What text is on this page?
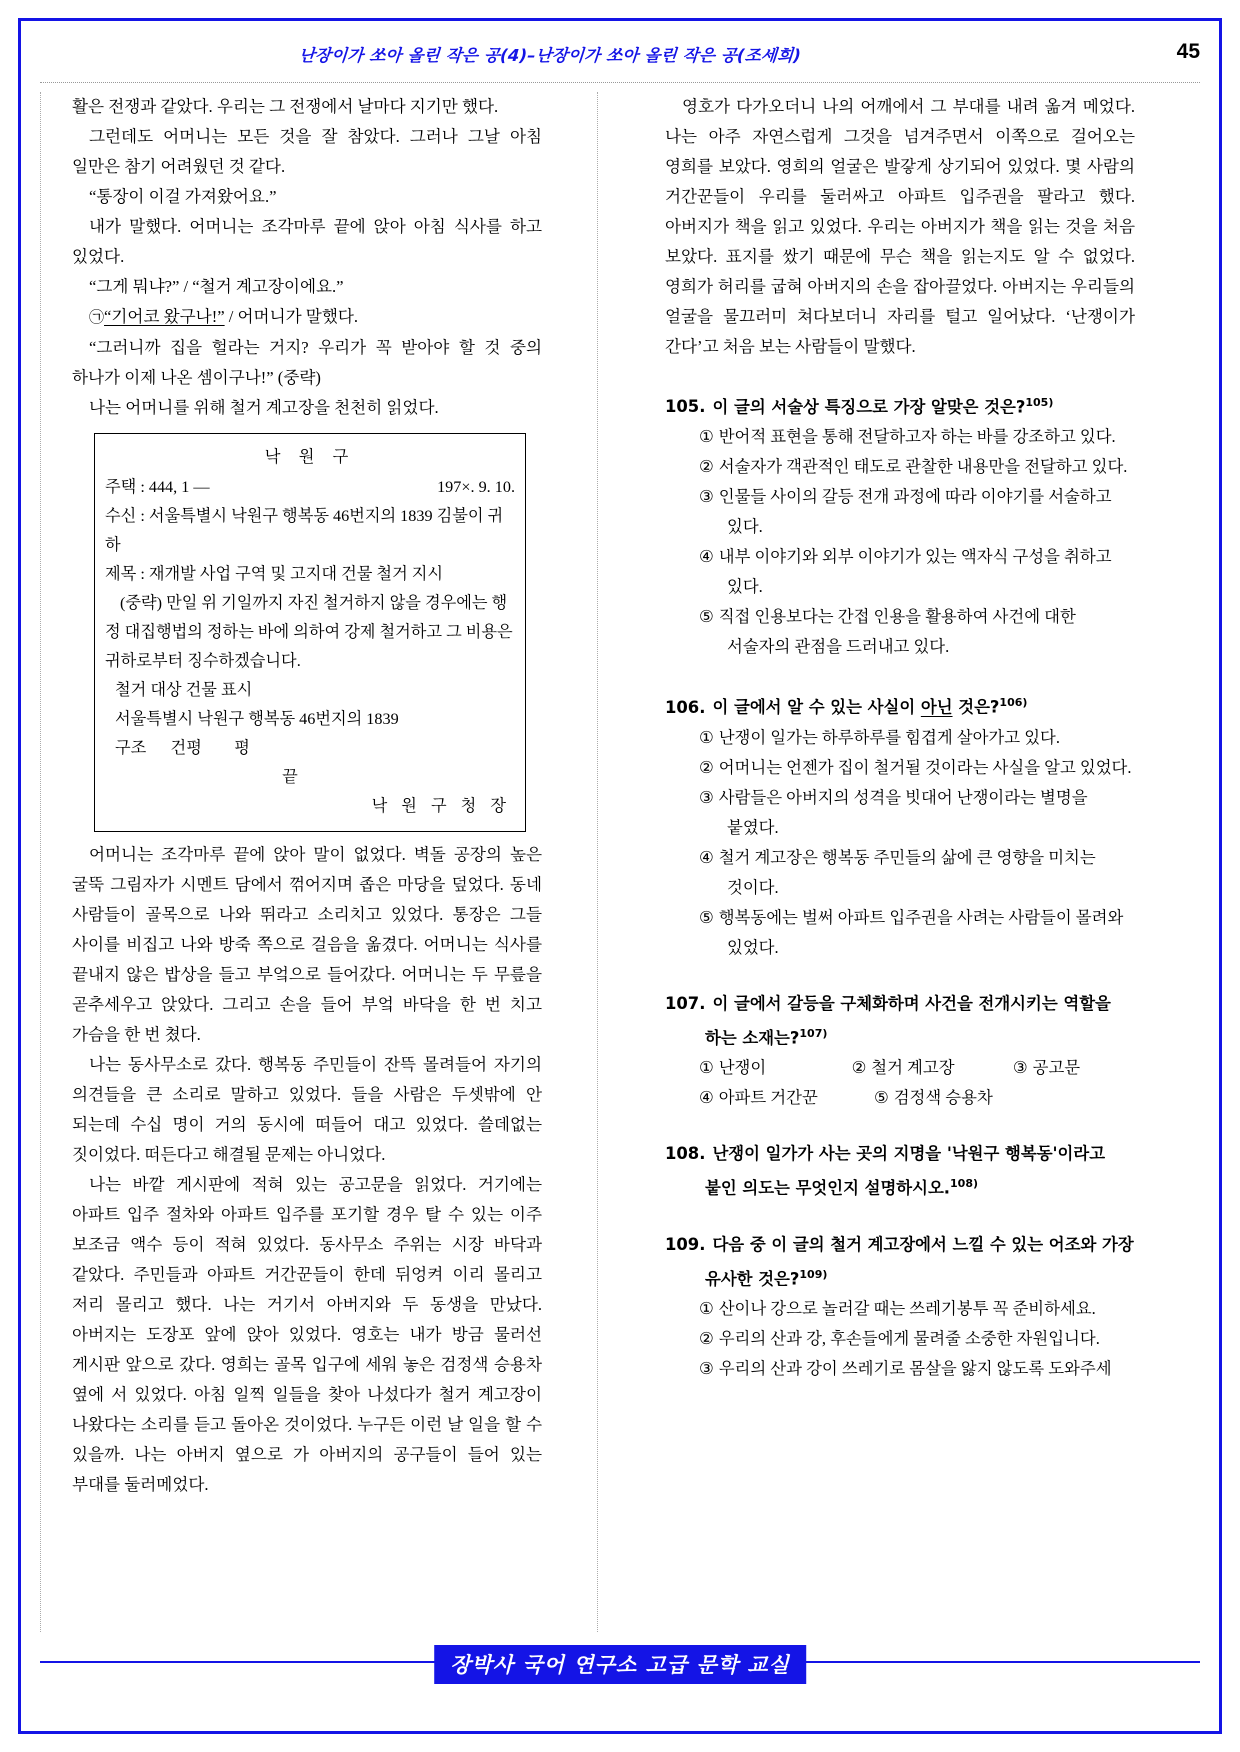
난장이가 쏘아 올린 작은 공(4)–난장이가 쏘아 올린 작은 공(조세희)	45

활은 전쟁과 같았다. 우리는 그 전쟁에서 날마다 지기만 했다.

그런데도 어머니는 모든 것을 잘 참았다. 그러나 그날 아침 일만은 참기 어려웠던 것 같다.

“통장이 이걸 가져왔어요.”

내가 말했다. 어머니는 조각마루 끝에 앉아 아침 식사를 하고 있었다.

“그게 뭐냐?” / “철거 계고장이에요.”

㉠“기어코 왔구나!” / 어머니가 말했다.

“그러니까 집을 헐라는 거지? 우리가 꼭 받아야 할 것 중의 하나가 이제 나온 셈이구나!” (중략)

나는 어머니를 위해 철거 계고장을 천천히 읽었다.

낙 원 구
주택 : 444, 1 —	197×. 9. 10.
수신 : 서울특별시 낙원구 행복동 46번지의 1839 김불이 귀하
제목 : 재개발 사업 구역 및 고지대 건물 철거 지시
(중략) 만일 위 기일까지 자진 철거하지 않을 경우에는 행정 대집행법의 정하는 바에 의하여 강제 철거하고 그 비용은 귀하로부터 징수하겠습니다.
철거 대상 건물 표시
서울특별시 낙원구 행복동 46번지의 1839
구조      건평        평
끝
낙 원 구 청 장

어머니는 조각마루 끝에 앉아 말이 없었다. 벽돌 공장의 높은 굴뚝 그림자가 시멘트 담에서 꺾어지며 좁은 마당을 덮었다. 동네 사람들이 골목으로 나와 뛰라고 소리치고 있었다. 통장은 그들 사이를 비집고 나와 방죽 쪽으로 걸음을 옮겼다. 어머니는 식사를 끝내지 않은 밥상을 들고 부엌으로 들어갔다. 어머니는 두 무릎을 곧추세우고 앉았다. 그리고 손을 들어 부엌 바닥을 한 번 치고 가슴을 한 번 쳤다.

나는 동사무소로 갔다. 행복동 주민들이 잔뜩 몰려들어 자기의 의견들을 큰 소리로 말하고 있었다. 들을 사람은 두셋밖에 안 되는데 수십 명이 거의 동시에 떠들어 대고 있었다. 쓸데없는 짓이었다. 떠든다고 해결될 문제는 아니었다.

나는 바깥 게시판에 적혀 있는 공고문을 읽었다. 거기에는 아파트 입주 절차와 아파트 입주를 포기할 경우 탈 수 있는 이주 보조금 액수 등이 적혀 있었다. 동사무소 주위는 시장 바닥과 같았다. 주민들과 아파트 거간꾼들이 한데 뒤엉켜 이리 몰리고 저리 몰리고 했다. 나는 거기서 아버지와 두 동생을 만났다. 아버지는 도장포 앞에 앉아 있었다. 영호는 내가 방금 물러선 게시판 앞으로 갔다. 영희는 골목 입구에 세워 놓은 검정색 승용차 옆에 서 있었다. 아침 일찍 일들을 찾아 나섰다가 철거 계고장이 나왔다는 소리를 듣고 돌아온 것이었다. 누구든 이런 날 일을 할 수 있을까. 나는 아버지 옆으로 가 아버지의 공구들이 들어 있는 부대를 둘러메었다.

영호가 다가오더니 나의 어깨에서 그 부대를 내려 옮겨 메었다. 나는 아주 자연스럽게 그것을 넘겨주면서 이쪽으로 걸어오는 영희를 보았다. 영희의 얼굴은 발갛게 상기되어 있었다. 몇 사람의 거간꾼들이 우리를 둘러싸고 아파트 입주권을 팔라고 했다. 아버지가 책을 읽고 있었다. 우리는 아버지가 책을 읽는 것을 처음 보았다. 표지를 쌌기 때문에 무슨 책을 읽는지도 알 수 없었다. 영희가 허리를 굽혀 아버지의 손을 잡아끌었다. 아버지는 우리들의 얼굴을 물끄러미 쳐다보더니 자리를 털고 일어났다. ‘난쟁이가 간다’고 처음 보는 사람들이 말했다.

105. 이 글의 서술상 특징으로 가장 알맞은 것은?$^{105)}$
① 반어적 표현을 통해 전달하고자 하는 바를 강조하고 있다.
② 서술자가 객관적인 태도로 관찰한 내용만을 전달하고 있다.
③ 인물들 사이의 갈등 전개 과정에 따라 이야기를 서술하고 있다.
④ 내부 이야기와 외부 이야기가 있는 액자식 구성을 취하고 있다.
⑤ 직접 인용보다는 간접 인용을 활용하여 사건에 대한 서술자의 관점을 드러내고 있다.
106. 이 글에서 알 수 있는 사실이 아닌 것은?$^{106)}$
① 난쟁이 일가는 하루하루를 힘겹게 살아가고 있다.
② 어머니는 언젠가 집이 철거될 것이라는 사실을 알고 있었다.
③ 사람들은 아버지의 성격을 빗대어 난쟁이라는 별명을 붙였다.
④ 철거 계고장은 행복동 주민들의 삶에 큰 영향을 미치는 것이다.
⑤ 행복동에는 벌써 아파트 입주권을 사려는 사람들이 몰려와 있었다.
107. 이 글에서 갈등을 구체화하며 사건을 전개시키는 역할을 하는 소재는?$^{107)}$
① 난쟁이	② 철거 계고장	③ 공고문
④ 아파트 거간꾼	⑤ 검정색 승용차
108. 난쟁이 일가가 사는 곳의 지명을 '낙원구 행복동'이라고 붙인 의도는 무엇인지 설명하시오.$^{108)}$
109. 다음 중 이 글의 철거 계고장에서 느낄 수 있는 어조와 가장 유사한 것은?$^{109)}$
① 산이나 강으로 놀러갈 때는 쓰레기봉투 꼭 준비하세요.
② 우리의 산과 강, 후손들에게 물려줄 소중한 자원입니다.
③ 우리의 산과 강이 쓰레기로 몸살을 앓지 않도록 도와주세
장박사 국어 연구소 고급 문학 교실
